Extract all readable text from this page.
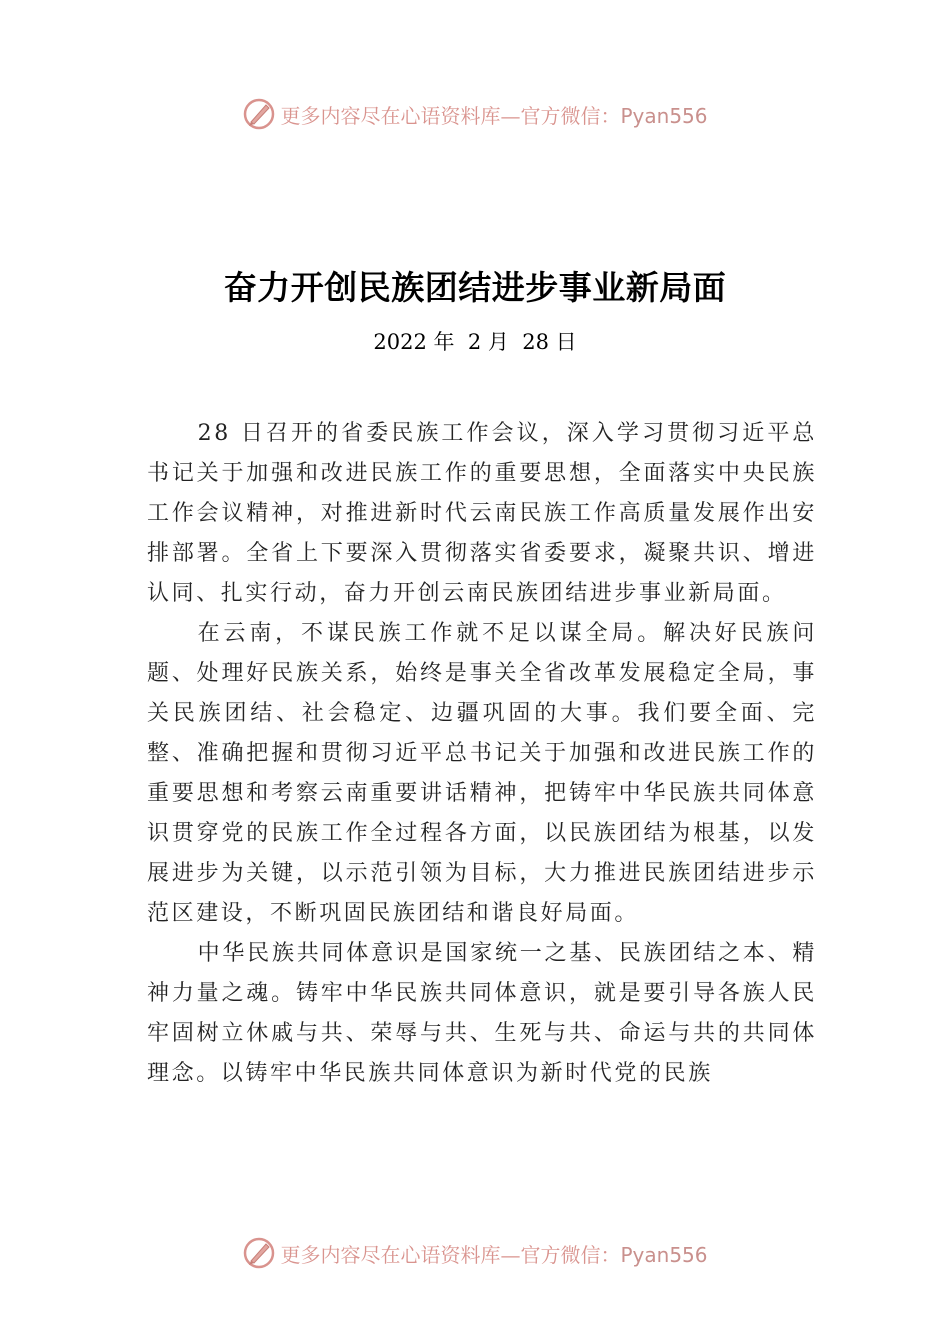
更多内容尽在心语资料库—官方微信：Pyan556
奋力开创民族团结进步事业新局面
2022 年  2 月  28 日

28 日召开的省委民族工作会议，深入学习贯彻习近平总书记关于加强和改进民族工作的重要思想，全面落实中央民族工作会议精神，对推进新时代云南民族工作高质量发展作出安排部署。全省上下要深入贯彻落实省委要求，凝聚共识、增进认同、扎实行动，奋力开创云南民族团结进步事业新局面。

在云南，不谋民族工作就不足以谋全局。解决好民族问题、处理好民族关系，始终是事关全省改革发展稳定全局，事关民族团结、社会稳定、边疆巩固的大事。我们要全面、完整、准确把握和贯彻习近平总书记关于加强和改进民族工作的重要思想和考察云南重要讲话精神，把铸牢中华民族共同体意识贯穿党的民族工作全过程各方面，以民族团结为根基，以发展进步为关键，以示范引领为目标，大力推进民族团结进步示范区建设，不断巩固民族团结和谐良好局面。

中华民族共同体意识是国家统一之基、民族团结之本、精神力量之魂。铸牢中华民族共同体意识，就是要引导各族人民牢固树立休戚与共、荣辱与共、生死与共、命运与共的共同体理念。以铸牢中华民族共同体意识为新时代党的民族

更多内容尽在心语资料库—官方微信：Pyan556
